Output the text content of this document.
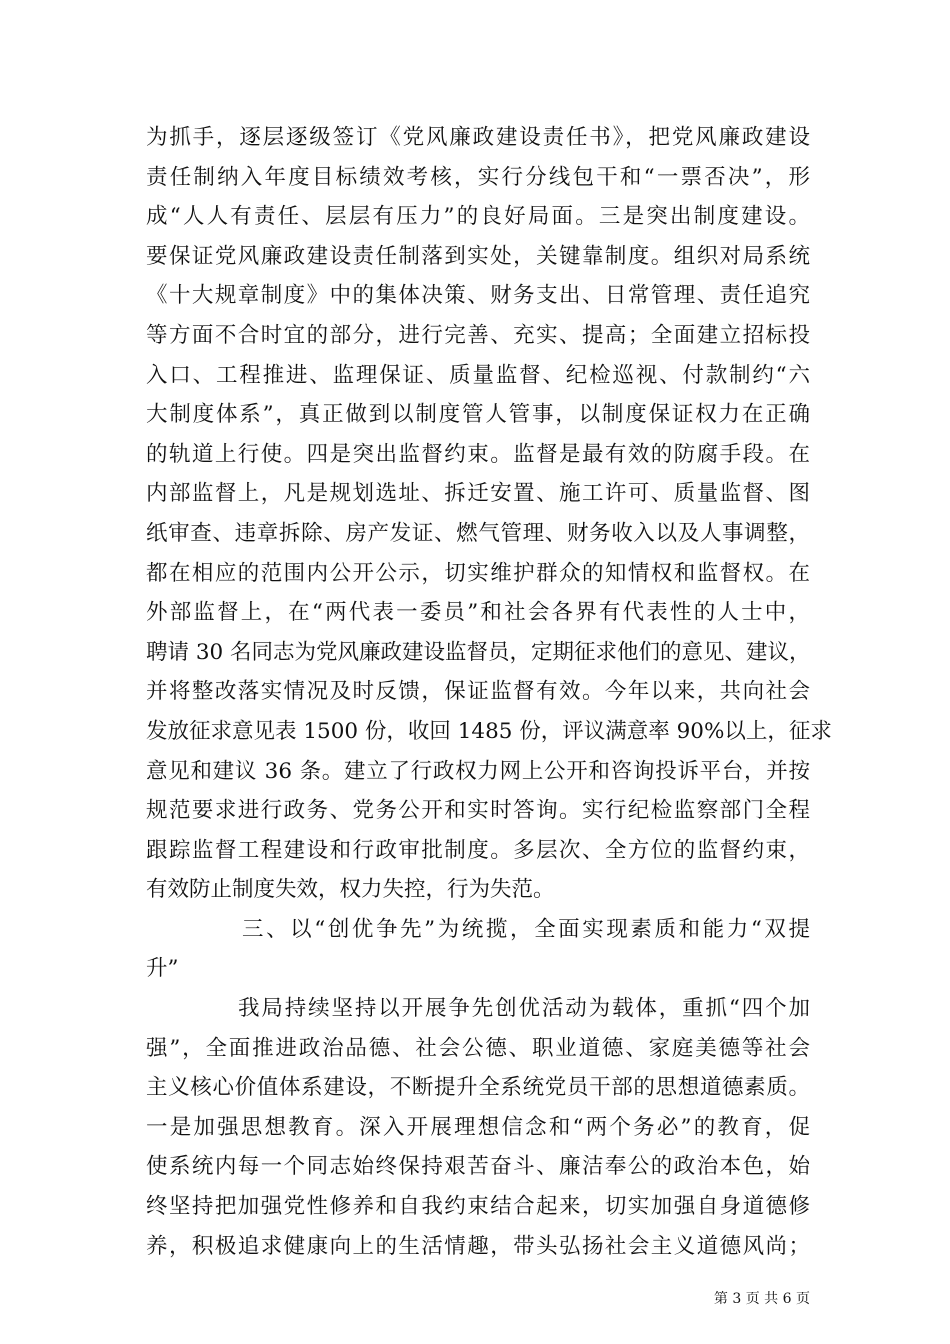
为抓手，逐层逐级签订《党风廉政建设责任书》，把党风廉政建设
责任制纳入年度目标绩效考核，实行分线包干和“一票否决”，形
成“人人有责任、层层有压力”的良好局面。三是突出制度建设。
要保证党风廉政建设责任制落到实处，关键靠制度。组织对局系统
《十大规章制度》中的集体决策、财务支出、日常管理、责任追究
等方面不合时宜的部分，进行完善、充实、提高；全面建立招标投
入口、工程推进、监理保证、质量监督、纪检巡视、付款制约“六
大制度体系”，真正做到以制度管人管事，以制度保证权力在正确
的轨道上行使。四是突出监督约束。监督是最有效的防腐手段。在
内部监督上，凡是规划选址、拆迁安置、施工许可、质量监督、图
纸审查、违章拆除、房产发证、燃气管理、财务收入以及人事调整，
都在相应的范围内公开公示，切实维护群众的知情权和监督权。在
外部监督上，在“两代表一委员”和社会各界有代表性的人士中，
聘请 30 名同志为党风廉政建设监督员，定期征求他们的意见、建议，
并将整改落实情况及时反馈，保证监督有效。今年以来，共向社会
发放征求意见表 1500 份，收回 1485 份，评议满意率 90%以上，征求
意见和建议 36 条。建立了行政权力网上公开和咨询投诉平台，并按
规范要求进行政务、党务公开和实时答询。实行纪检监察部门全程
跟踪监督工程建设和行政审批制度。多层次、全方位的监督约束，
有效防止制度失效，权力失控，行为失范。
三、以“创优争先”为统揽，全面实现素质和能力“双提
升”
我局持续坚持以开展争先创优活动为载体，重抓“四个加
强”，全面推进政治品德、社会公德、职业道德、家庭美德等社会
主义核心价值体系建设，不断提升全系统党员干部的思想道德素质。
一是加强思想教育。深入开展理想信念和“两个务必”的教育，促
使系统内每一个同志始终保持艰苦奋斗、廉洁奉公的政治本色，始
终坚持把加强党性修养和自我约束结合起来，切实加强自身道德修
养，积极追求健康向上的生活情趣，带头弘扬社会主义道德风尚；
第 3 页 共 6 页
